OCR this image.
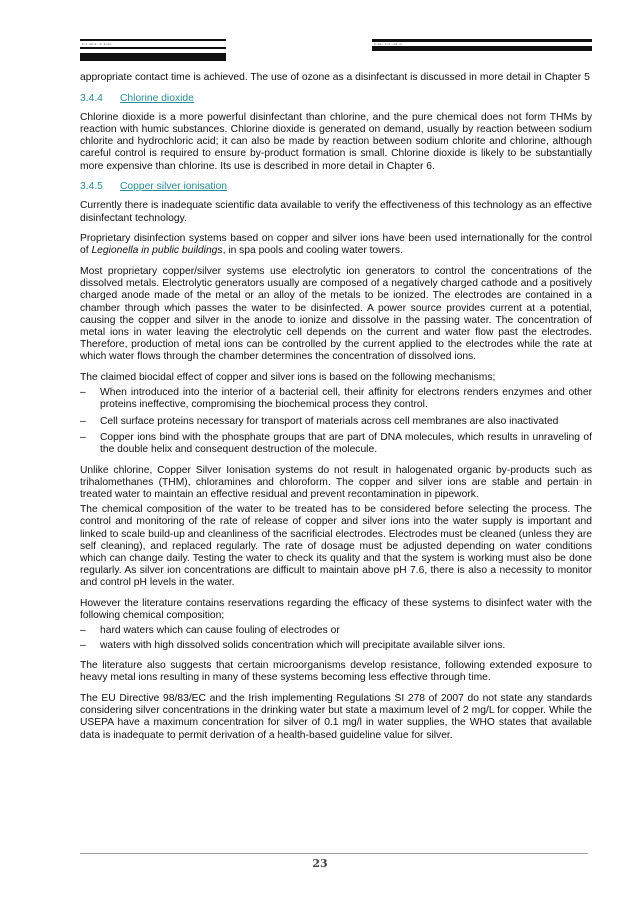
▪▫▪ ▪▪▫▪ ▫▪ ▪▫▪▪	▪▫▪▪▫ ▪▫▪ ▫▪▪ ▪▫

appropriate contact time is achieved. The use of ozone as a disinfectant is discussed in more detail in Chapter 5

3.4.4 Chlorine dioxide

Chlorine dioxide is a more powerful disinfectant than chlorine, and the pure chemical does not form THMs by reaction with humic substances. Chlorine dioxide is generated on demand, usually by reaction between sodium chlorite and hydrochloric acid; it can also be made by reaction between sodium chlorite and chlorine, although careful control is required to ensure by-product formation is small. Chlorine dioxide is likely to be substantially more expensive than chlorine. Its use is described in more detail in Chapter 6.

3.4.5 Copper silver ionisation

Currently there is inadequate scientific data available to verify the effectiveness of this technology as an effective disinfectant technology.

Proprietary disinfection systems based on copper and silver ions have been used internationally for the control of Legionella in public buildings, in spa pools and cooling water towers.

Most proprietary copper/silver systems use electrolytic ion generators to control the concentrations of the dissolved metals. Electrolytic generators usually are composed of a negatively charged cathode and a positively charged anode made of the metal or an alloy of the metals to be ionized. The electrodes are contained in a chamber through which passes the water to be disinfected. A power source provides current at a potential, causing the copper and silver in the anode to ionize and dissolve in the passing water. The concentration of metal ions in water leaving the electrolytic cell depends on the current and water flow past the electrodes. Therefore, production of metal ions can be controlled by the current applied to the electrodes while the rate at which water flows through the chamber determines the concentration of dissolved ions.

The claimed biocidal effect of copper and silver ions is based on the following mechanisms;

– When introduced into the interior of a bacterial cell, their affinity for electrons renders enzymes and other proteins ineffective, compromising the biochemical process they control.
– Cell surface proteins necessary for transport of materials across cell membranes are also inactivated
– Copper ions bind with the phosphate groups that are part of DNA molecules, which results in unraveling of the double helix and consequent destruction of the molecule.

Unlike chlorine, Copper Silver Ionisation systems do not result in halogenated organic by-products such as trihalomethanes (THM), chloramines and chloroform. The copper and silver ions are stable and pertain in treated water to maintain an effective residual and prevent recontamination in pipework.

The chemical composition of the water to be treated has to be considered before selecting the process. The control and monitoring of the rate of release of copper and silver ions into the water supply is important and linked to scale build-up and cleanliness of the sacrificial electrodes. Electrodes must be cleaned (unless they are self cleaning), and replaced regularly. The rate of dosage must be adjusted depending on water conditions which can change daily. Testing the water to check its quality and that the system is working must also be done regularly. As silver ion concentrations are difficult to maintain above pH 7.6, there is also a necessity to monitor and control pH levels in the water.

However the literature contains reservations regarding the efficacy of these systems to disinfect water with the following chemical composition;

– hard waters which can cause fouling of electrodes or
– waters with high dissolved solids concentration which will precipitate available silver ions.

The literature also suggests that certain microorganisms develop resistance, following extended exposure to heavy metal ions resulting in many of these systems becoming less effective through time.

The EU Directive 98/83/EC and the Irish implementing Regulations SI 278 of 2007 do not state any standards considering silver concentrations in the drinking water but state a maximum level of 2 mg/L for copper. While the USEPA have a maximum concentration for silver of 0.1 mg/l in water supplies, the WHO states that available data is inadequate to permit derivation of a health-based guideline value for silver.

23
